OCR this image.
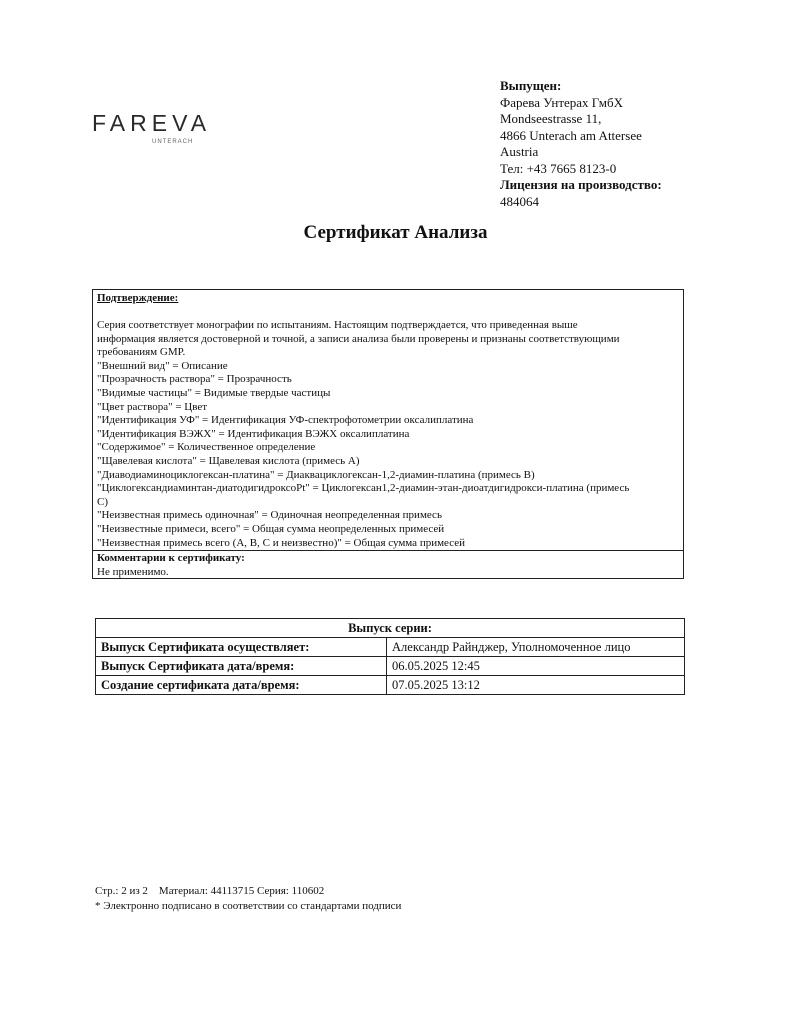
FAREVA
UNTERACH
Выпущен:
Фарева Унтерах ГмбХ
Mondseestrasse 11,
4866 Unterach am Attersee
Austria
Тел: +43 7665 8123-0
Лицензия на производство:
484064
Сертификат Анализа
Подтверждение:
Серия соответствует монографии по испытаниям. Настоящим подтверждается, что приведенная выше
информация является достоверной и точной, а записи анализа были проверены и признаны соответствующими
требованиям GMP.
"Внешний вид" = Описание
"Прозрачность раствора" = Прозрачность
"Видимые частицы" = Видимые твердые частицы
"Цвет раствора" = Цвет
"Идентификация УФ" = Идентификация УФ-спектрофотометрии оксалиплатина
"Идентификация ВЭЖХ" = Идентификация ВЭЖХ оксалиплатина
"Содержимое" = Количественное определение
"Щавелевая кислота" = Щавелевая кислота (примесь A)
"Диаводиаминоциклогексан-платина" = Диаквациклогексан-1,2-диамин-платина (примесь B)
"Циклогександиаминтан-диатодигидроксоPt" = Циклогексан1,2-диамин-этан-диоатдигидрокси-платина (примесь
C)
"Неизвестная примесь одиночная" = Одиночная неопределенная примесь
"Неизвестные примеси, всего" = Общая сумма неопределенных примесей
"Неизвестная примесь всего (A, B, C и неизвестно)" = Общая сумма примесей
Комментарии к сертификату:
Не применимо.
Выпуск серии:	
Выпуск Сертификата осуществляет:	Александр Райнджер, Уполномоченное лицо
Выпуск Сертификата дата/время:	06.05.2025 12:45
Создание сертификата дата/время:	07.05.2025 13:12
Стр.: 2 из 2    Материал: 44113715 Серия: 110602
* Электронно подписано в соответствии со стандартами подписи
